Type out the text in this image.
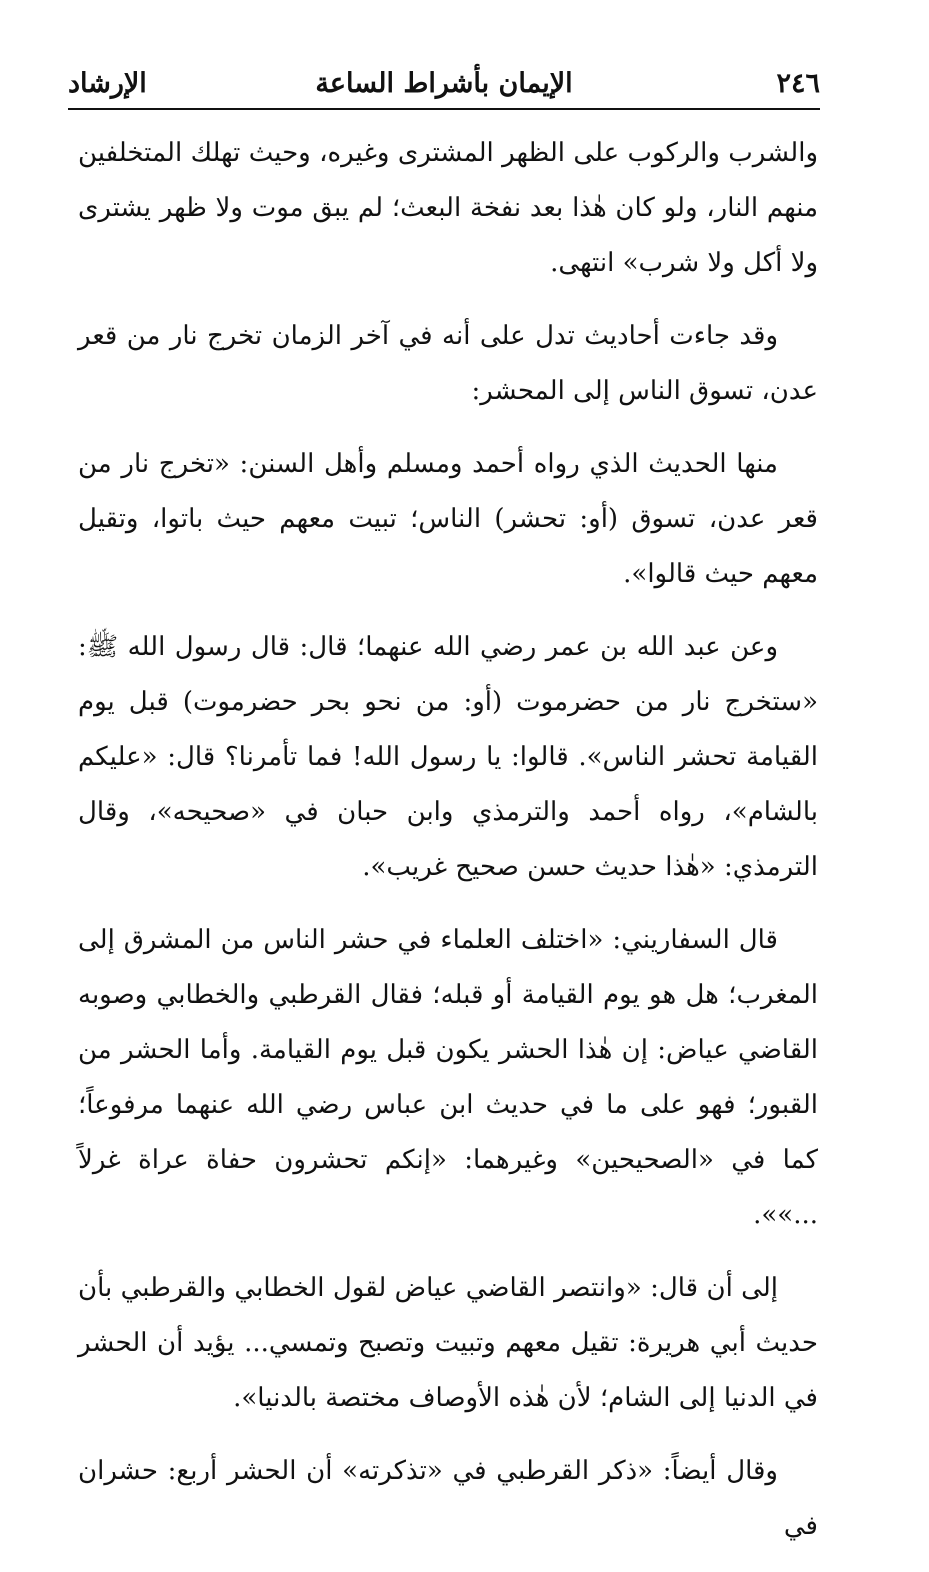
٢٤٦
الإيمان بأشراط الساعة
الإرشاد

والشرب والركوب على الظهر المشترى وغيره، وحيث تهلك المتخلفين منهم النار، ولو كان هٰذا بعد نفخة البعث؛ لم يبق موت ولا ظهر يشترى ولا أكل ولا شرب» انتهى.

وقد جاءت أحاديث تدل على أنه في آخر الزمان تخرج نار من قعر عدن، تسوق الناس إلى المحشر:

منها الحديث الذي رواه أحمد ومسلم وأهل السنن: «تخرج نار من قعر عدن، تسوق (أو: تحشر) الناس؛ تبيت معهم حيث باتوا، وتقيل معهم حيث قالوا».

وعن عبد الله بن عمر رضي الله عنهما؛ قال: قال رسول الله ﷺ: «ستخرج نار من حضرموت (أو: من نحو بحر حضرموت) قبل يوم القيامة تحشر الناس». قالوا: يا رسول الله! فما تأمرنا؟ قال: «عليكم بالشام»، رواه أحمد والترمذي وابن حبان في «صحيحه»، وقال الترمذي: «هٰذا حديث حسن صحيح غريب».

قال السفاريني: «اختلف العلماء في حشر الناس من المشرق إلى المغرب؛ هل هو يوم القيامة أو قبله؛ فقال القرطبي والخطابي وصوبه القاضي عياض: إن هٰذا الحشر يكون قبل يوم القيامة. وأما الحشر من القبور؛ فهو على ما في حديث ابن عباس رضي الله عنهما مرفوعاً؛ كما في «الصحيحين» وغيرهما: «إنكم تحشرون حفاة عراة غرلاً ...»».

إلى أن قال: «وانتصر القاضي عياض لقول الخطابي والقرطبي بأن حديث أبي هريرة: تقيل معهم وتبيت وتصبح وتمسي... يؤيد أن الحشر في الدنيا إلى الشام؛ لأن هٰذه الأوصاف مختصة بالدنيا».

وقال أيضاً: «ذكر القرطبي في «تذكرته» أن الحشر أربع: حشران في
